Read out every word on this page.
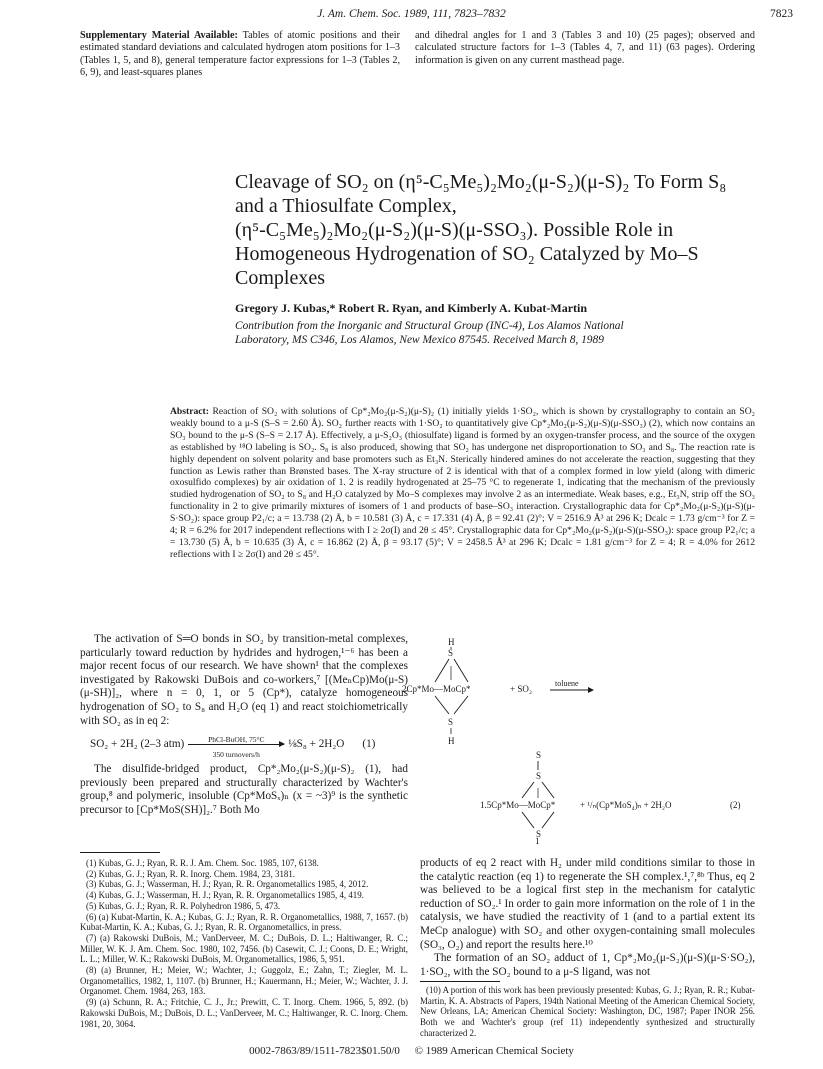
J. Am. Chem. Soc. 1989, 111, 7823–7832	7823
Supplementary Material Available: Tables of atomic positions and their estimated standard deviations and calculated hydrogen atom positions for 1–3 (Tables 1, 5, and 8), general temperature factor expressions for 1–3 (Tables 2, 6, 9), and least-squares planes
and dihedral angles for 1 and 3 (Tables 3 and 10) (25 pages); observed and calculated structure factors for 1–3 (Tables 4, 7, and 11) (63 pages). Ordering information is given on any current masthead page.
Cleavage of SO₂ on (η⁵-C₅Me₅)₂Mo₂(μ-S₂)(μ-S)₂ To Form S₈
and a Thiosulfate Complex,
(η⁵-C₅Me₅)₂Mo₂(μ-S₂)(μ-S)(μ-SSO₃). Possible Role in
Homogeneous Hydrogenation of SO₂ Catalyzed by Mo–S
Complexes
Gregory J. Kubas,* Robert R. Ryan, and Kimberly A. Kubat-Martin
Contribution from the Inorganic and Structural Group (INC-4), Los Alamos National
Laboratory, MS C346, Los Alamos, New Mexico 87545. Received March 8, 1989
Abstract: Reaction of SO₂ with solutions of Cp*₂Mo₂(μ-S₂)(μ-S)₂ (1) initially yields 1·SO₂, which is shown by crystallography to contain an SO₂ weakly bound to a μ-S (S–S = 2.60 Å). SO₂ further reacts with 1·SO₂ to quantitatively give Cp*₂Mo₂(μ-S₂)(μ-S)(μ-SSO₃) (2), which now contains an SO₃ bound to the μ-S (S–S = 2.17 Å). Effectively, a μ-S₂O₃ (thiosulfate) ligand is formed by an oxygen-transfer process, and the source of the oxygen as established by ¹⁸O labeling is SO₂. S₈ is also produced, showing that SO₂ has undergone net disproportionation to SO₃ and S₈. The reaction rate is highly dependent on solvent polarity and base promoters such as Et₃N. Sterically hindered amines do not accelerate the reaction, suggesting that they function as Lewis rather than Brønsted bases. The X-ray structure of 2 is identical with that of a complex formed in low yield (along with dimeric oxosulfido complexes) by air oxidation of 1. 2 is readily hydrogenated at 25–75 °C to regenerate 1, indicating that the mechanism of the previously studied hydrogenation of SO₂ to S₈ and H₂O catalyzed by Mo–S complexes may involve 2 as an intermediate. Weak bases, e.g., Et₃N, strip off the SO₃ functionality in 2 to give primarily mixtures of isomers of 1 and products of base–SO₃ interaction. Crystallographic data for Cp*₂Mo₂(μ-S₂)(μ-S)(μ-S·SO₂): space group P2₁/c; a = 13.738 (2) Å, b = 10.581 (3) Å, c = 17.331 (4) Å, β = 92.41 (2)°; V = 2516.9 Å³ at 296 K; Dcalc = 1.73 g/cm⁻³ for Z = 4; R = 6.2% for 2017 independent reflections with I ≥ 2σ(I) and 2θ ≤ 45°. Crystallographic data for Cp*₂Mo₂(μ-S₂)(μ-S)(μ-SSO₃): space group P2₁/c; a = 13.730 (5) Å, b = 10.635 (3) Å, c = 16.862 (2) Å, β = 93.17 (5)°; V = 2458.5 Å³ at 296 K; Dcalc = 1.81 g/cm⁻³ for Z = 4; R = 4.0% for 2612 reflections with I ≥ 2σ(I) and 2θ ≤ 45°.

The activation of S═O bonds in SO₂ by transition-metal complexes, particularly toward reduction by hydrides and hydrogen,¹⁻⁶ has been a major recent focus of our research. We have shown¹ that the complexes investigated by Rakowski DuBois and co-workers,⁷ [(MeₙCp)Mo(μ-S)(μ-SH)]₂, where n = 0, 1, or 5 (Cp*), catalyze homogeneous hydrogenation of SO₂ to S₈ and H₂O (eq 1) and react stoichiometrically with SO₂ as in eq 2:

SO₂ + 2H₂ (2–3 atm)	PhCl-BuOH, 75°C
350 turnovers/h
⅛S₈ + 2H₂O (1)

The disulfide-bridged product, Cp*₂Mo₂(μ-S₂)(μ-S)₂ (1), had previously been prepared and structurally characterized by Wachter's group,⁸ and polymeric, insoluble (Cp*MoSₓ)ₙ (x = ~3)⁹ is the synthetic precursor to [Cp*MoS(SH)]₂.⁷ Both Mo

(1) Kubas, G. J.; Ryan, R. R. J. Am. Chem. Soc. 1985, 107, 6138.
(2) Kubas, G. J.; Ryan, R. R. Inorg. Chem. 1984, 23, 3181.
(3) Kubas, G. J.; Wasserman, H. J.; Ryan, R. R. Organometallics 1985, 4, 2012.
(4) Kubas, G. J.; Wasserman, H. J.; Ryan, R. R. Organometallics 1985, 4, 419.
(5) Kubas, G. J.; Ryan, R. R. Polyhedron 1986, 5, 473.
(6) (a) Kubat-Martin, K. A.; Kubas, G. J.; Ryan, R. R. Organometallics, 1988, 7, 1657. (b) Kubat-Martin, K. A.; Kubas, G. J.; Ryan, R. R. Organometallics, in press.
(7) (a) Rakowski DuBois, M.; VanDerveer, M. C.; DuBois, D. L.; Haltiwanger, R. C.; Miller, W. K. J. Am. Chem. Soc. 1980, 102, 7456. (b) Casewit, C. J.; Coons, D. E.; Wright, L. L.; Miller, W. K.; Rakowski DuBois, M. Organometallics, 1986, 5, 951.
(8) (a) Brunner, H.; Meier, W.; Wachter, J.; Guggolz, E.; Zahn, T.; Ziegler, M. L. Organometallics, 1982, 1, 1107. (b) Brunner, H.; Kauermann, H.; Meier, W.; Wachter, J. J. Organomet. Chem. 1984, 263, 183.
(9) (a) Schunn, R. A.; Fritchie, C. J., Jr.; Prewitt, C. T. Inorg. Chem. 1966, 5, 892. (b) Rakowski DuBois, M.; DuBois, D. L.; VanDerveer, M. C.; Haltiwanger, R. C. Inorg. Chem. 1981, 20, 3064.
H
S
2Cp*Mo—MoCp*
S
H
+ SO₂
toluene
S
S
1.5Cp*Mo—MoCp*
S
+ ¹/ₙ(Cp*MoS₄)ₙ + 2H₂O	(2)
1

products of eq 2 react with H₂ under mild conditions similar to those in the catalytic reaction (eq 1) to regenerate the SH complex.¹,⁷,⁸ᵇ Thus, eq 2 was believed to be a logical first step in the mechanism for catalytic reduction of SO₂.¹ In order to gain more information on the role of 1 in the catalysis, we have studied the reactivity of 1 (and to a partial extent its MeCp analogue) with SO₂ and other oxygen-containing small molecules (SO₃, O₂) and report the results here.¹⁰

The formation of an SO₂ adduct of 1, Cp*₂Mo₂(μ-S₂)(μ-S)(μ-S·SO₂), 1·SO₂, with the SO₂ bound to a μ-S ligand, was not

(10) A portion of this work has been previously presented: Kubas, G. J.; Ryan, R. R.; Kubat-Martin, K. A. Abstracts of Papers, 194th National Meeting of the American Chemical Society, New Orleans, LA; American Chemical Society: Washington, DC, 1987; Paper INOR 256. Both we and Wachter's group (ref 11) independently synthesized and structurally characterized 2.
0002-7863/89/1511-7823$01.50/0 © 1989 American Chemical Society
